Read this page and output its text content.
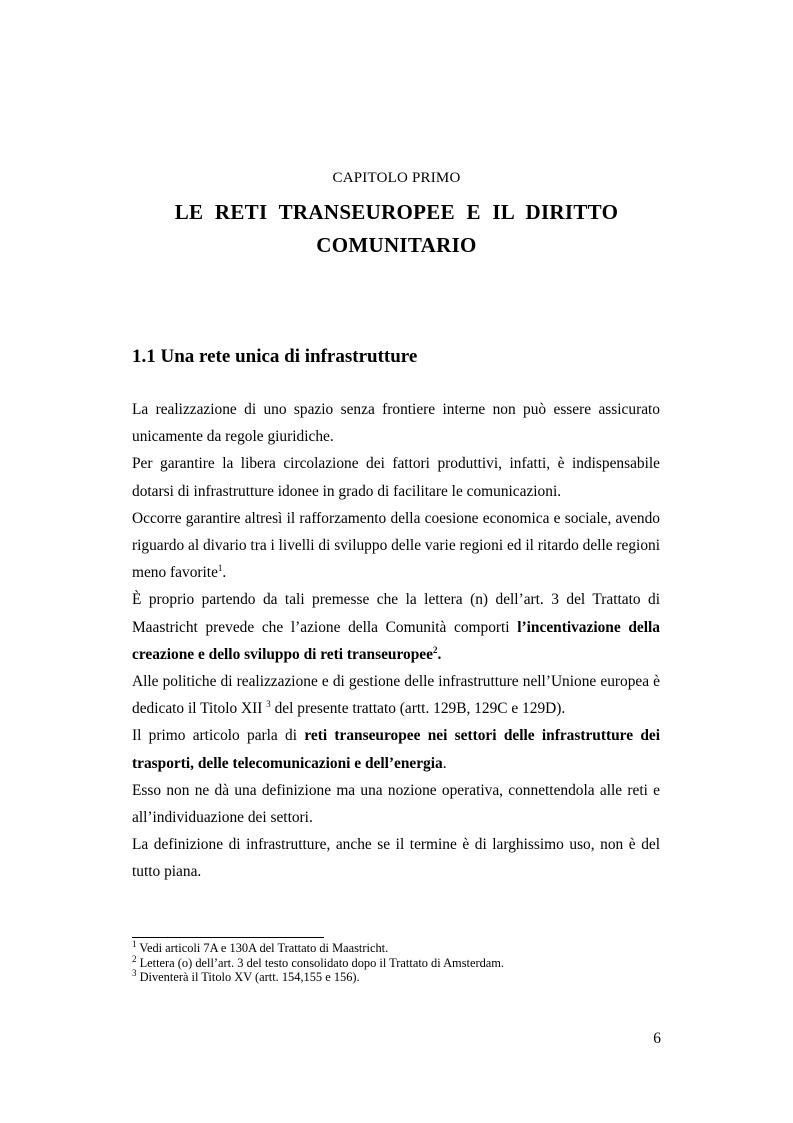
CAPITOLO PRIMO
LE RETI TRANSEUROPEE E IL DIRITTO
COMUNITARIO
1.1 Una rete unica di infrastrutture

La realizzazione di uno spazio senza frontiere interne non può essere assicurato unicamente da regole giuridiche.

Per garantire la libera circolazione dei fattori produttivi, infatti, è indispensabile dotarsi di infrastrutture idonee in grado di facilitare le comunicazioni.

Occorre garantire altresì il rafforzamento della coesione economica e sociale, avendo riguardo al divario tra i livelli di sviluppo delle varie regioni ed il ritardo delle regioni meno favorite$^1$.

È proprio partendo da tali premesse che la lettera (n) dell’art. 3 del Trattato di Maastricht prevede che l’azione della Comunità comporti l’incentivazione della creazione e dello sviluppo di reti transeuropee$^2$.

Alle politiche di realizzazione e di gestione delle infrastrutture nell’Unione europea è dedicato il Titolo XII $^3$ del presente trattato (artt. 129B, 129C e 129D).

Il primo articolo parla di reti transeuropee nei settori delle infrastrutture dei trasporti, delle telecomunicazioni e dell’energia.

Esso non ne dà una definizione ma una nozione operativa, connettendola alle reti e all’individuazione dei settori.

La definizione di infrastrutture, anche se il termine è di larghissimo uso, non è del tutto piana.

$^1$ Vedi articoli 7A e 130A del Trattato di Maastricht.
$^2$ Lettera (o) dell’art. 3 del testo consolidato dopo il Trattato di Amsterdam.
$^3$ Diventerà il Titolo XV (artt. 154,155 e 156).
6
